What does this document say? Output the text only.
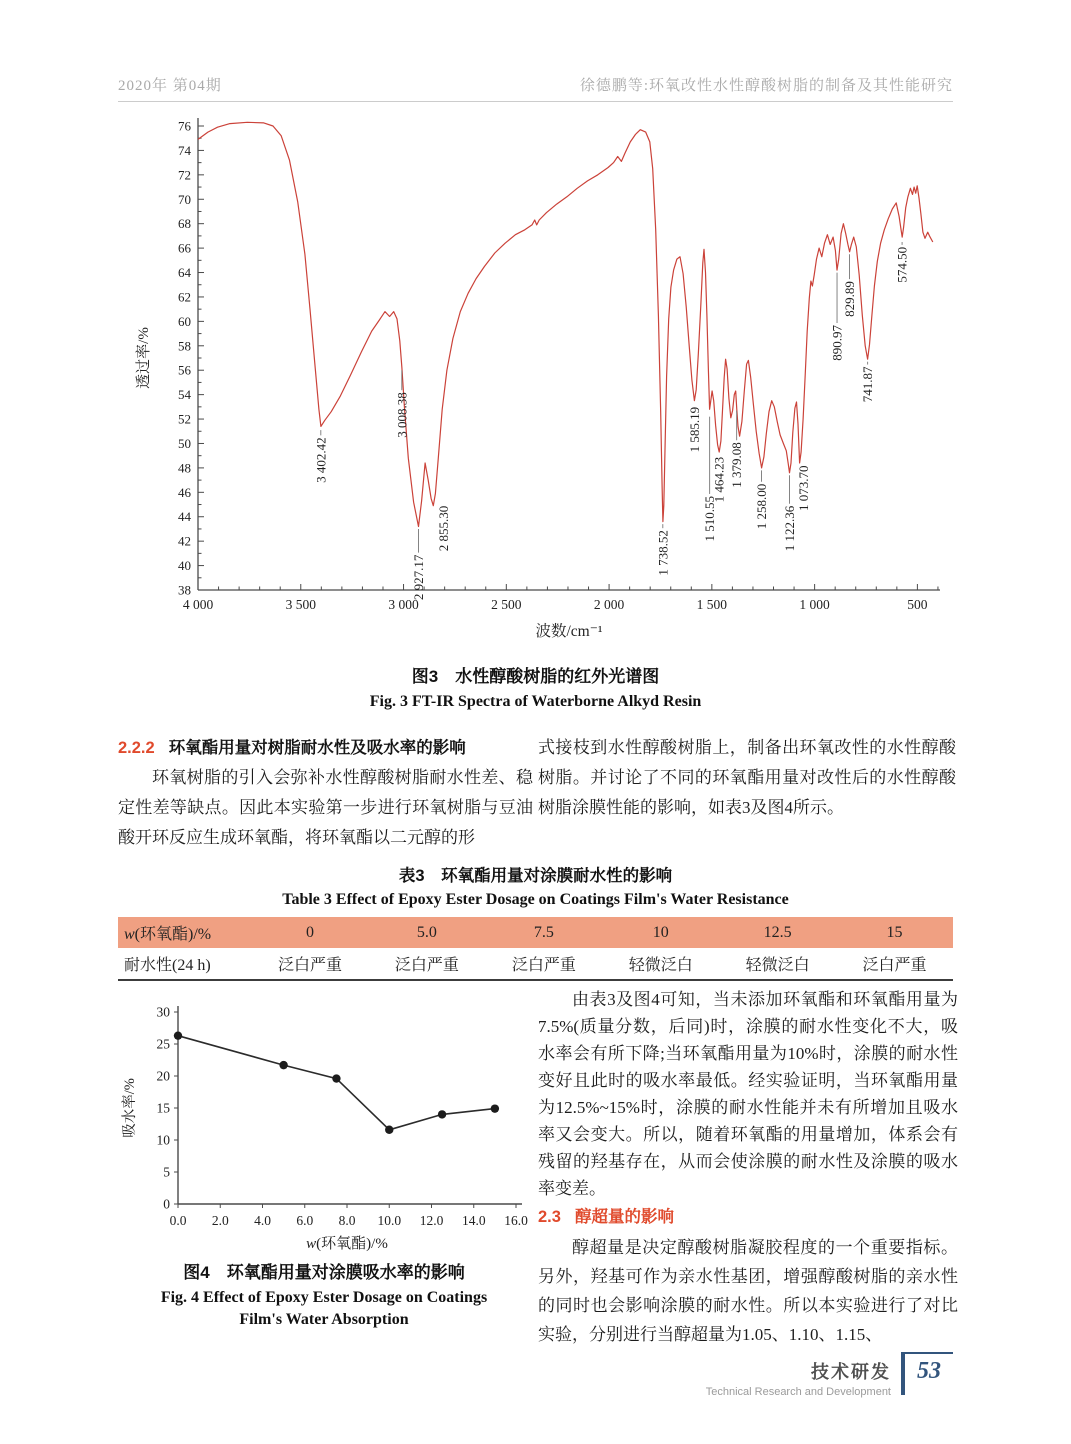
2020年 第04期	徐德鹏等:环氧改性水性醇酸树脂的制备及其性能研究
38
40
42
44
46
48
50
52
54
56
58
60
62
64
66
68
70
72
74
76
4 000	3 500	3 000	2 500	2 000	1 500	1 000	500
透过率/%
波数/cm⁻¹
3 402.42
3 008.38
2 927.17
2 855.30
1 738.52
1 585.19
1 510.55
1 464.23 1 379.08
1 258.00 1 122.36
1 073.70
890.97
829.89
741.87
574.50
图3　水性醇酸树脂的红外光谱图
Fig. 3 FT-IR Spectra of Waterborne Alkyd Resin
2.2.2 环氧酯用量对树脂耐水性及吸水率的影响

环氧树脂的引入会弥补水性醇酸树脂耐水性差、稳定性差等缺点。因此本实验第一步进行环氧树脂与豆油酸开环反应生成环氧酯，将环氧酯以二元醇的形

式接枝到水性醇酸树脂上，制备出环氧改性的水性醇酸树脂。并讨论了不同的环氧酯用量对改性后的水性醇酸树脂涂膜性能的影响，如表3及图4所示。

表3　环氧酯用量对涂膜耐水性的影响
Table 3 Effect of Epoxy Ester Dosage on Coatings Film's Water Resistance
w(环氧酯)/%	0	5.0	7.5	10	12.5	15
耐水性(24 h)	泛白严重	泛白严重	泛白严重	轻微泛白	轻微泛白	泛白严重
0
5
10
15
20
25
30
0.0 2.0 4.0 6.0 8.0 10.0 12.0 14.0 16.0
吸水率/%
w(环氧酯)/%
图4　环氧酯用量对涂膜吸水率的影响
Fig. 4 Effect of Epoxy Ester Dosage on Coatings Film's Water Absorption

由表3及图4可知，当未添加环氧酯和环氧酯用量为7.5%(质量分数，后同)时，涂膜的耐水性变化不大，吸水率会有所下降;当环氧酯用量为10%时，涂膜的耐水性变好且此时的吸水率最低。经实验证明，当环氧酯用量为12.5%~15%时，涂膜的耐水性能并未有所增加且吸水率又会变大。所以，随着环氧酯的用量增加，体系会有残留的羟基存在，从而会使涂膜的耐水性及涂膜的吸水率变差。

2.3 醇超量的影响

醇超量是决定醇酸树脂凝胶程度的一个重要指标。另外，羟基可作为亲水性基团，增强醇酸树脂的亲水性的同时也会影响涂膜的耐水性。所以本实验进行了对比实验，分别进行当醇超量为1.05、1.10、1.15、

技术研发
Technical Research and Development
53
